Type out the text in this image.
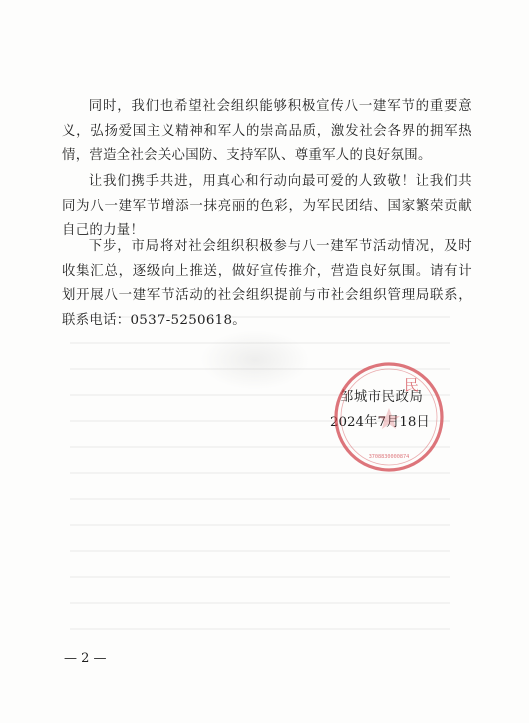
同时，我们也希望社会组织能够积极宣传八一建军节的重要意义，弘扬爱国主义精神和军人的崇高品质，激发社会各界的拥军热情，营造全社会关心国防、支持军队、尊重军人的良好氛围。

让我们携手共进，用真心和行动向最可爱的人致敬！让我们共同为八一建军节增添一抹亮丽的色彩，为军民团结、国家繁荣贡献自己的力量！

下步，市局将对社会组织积极参与八一建军节活动情况，及时收集汇总，逐级向上推送，做好宣传推介，营造良好氛围。请有计划开展八一建军节活动的社会组织提前与市社会组织管理局联系，联系电话：0537-5250618。

邹城市民政局
2024年7月18日
民
3708830000874
— 2 —
